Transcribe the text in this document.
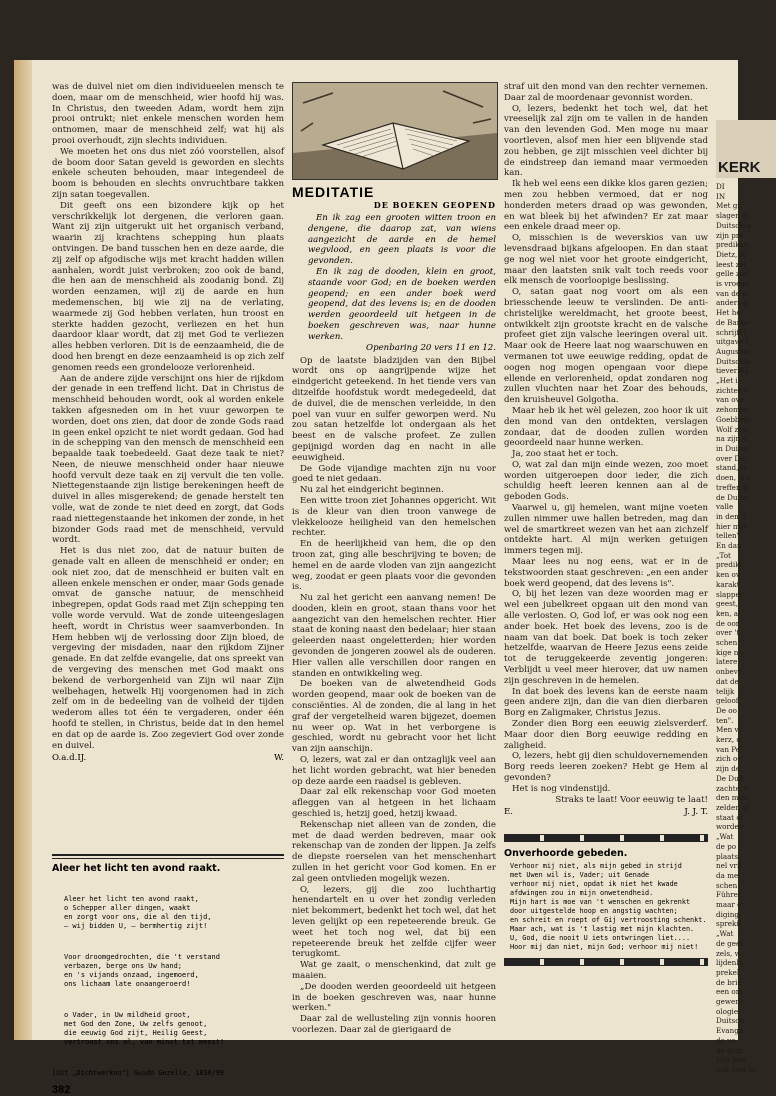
was de duivel niet om dien individueelen mensch te doen, maar om de menschheid, wier hoofd hij was. In Christus, den tweeden Adam, wordt hem zijn prooi ontrukt; niet enkele menschen worden hem ontnomen, maar de menschheid zelf; wat hij als prooi overhoudt, zijn slechts individuen.

We moeten het ons dus niet zóó voorstellen, alsof de boom door Satan geveld is geworden en slechts enkele scheuten behouden, maar integendeel de boom is behouden en slechts onvruchtbare takken zijn satan toegevallen.

Dit geeft ons een bizondere kijk op het verschrikkelijk lot dergenen, die verloren gaan. Want zij zijn uitgerukt uit het organisch verband, waarin zij krachtens schepping hun plaats ontvingen. De band tusschen hen en deze aarde, die zij zelf op afgodische wijs met kracht hadden willen aanhalen, wordt juist verbroken; zoo ook de band, die hen aan de menschheid als zoodanig bond. Zij worden eenzamen, wijl zij de aarde en hun medemenschen, bij wie zij na de verlating, waarmede zij God hebben verlaten, hun troost en sterkte hadden gezocht, verliezen en het hun daardoor klaar wordt, dat zij met God te verliezen alles hebben verloren. Dit is de eenzaamheid, die de dood hen brengt en deze eenzaamheid is op zich zelf genomen reeds een grondelooze verlorenheid.

Aan de andere zijde verschijnt ons hier de rijkdom der genade in een treffend licht. Dat in Christus de menschheid behouden wordt, ook al worden enkele takken afgesneden om in het vuur geworpen te worden, doet ons zien, dat door de zonde Gods raad in geen enkel opzicht te niet wordt gedaan. God had in de schepping van den mensch de menschheid een bepaalde taak toebedeeld. Gaat deze taak te niet? Neen, de nieuwe menschheid onder haar nieuwe hoofd vervult deze taak en zij vervult die ten volle. Niettegenstaande zijn listige berekeningen heeft de duivel in alles misgerekend; de genade herstelt ten volle, wat de zonde te niet deed en zorgt, dat Gods raad niettegenstaande het inkomen der zonde, in het bizonder Gods raad met de menschheid, vervuld wordt.

Het is dus niet zoo, dat de natuur buiten de genade valt en alleen de menschheid er onder; en ook niet zoo, dat de menschheid er buiten valt en alleen enkele menschen er onder, maar Gods genade omvat de gansche natuur, de menschheid inbegrepen, opdat Gods raad met Zijn schepping ten volle worde vervuld. Wat de zonde uiteengeslagen heeft, wordt in Christus weer saamverbonden. In Hem hebben wij de verlossing door Zijn bloed, de vergeving der misdaden, naar den rijkdom Zijner genade. En dat zelfde evangelie, dat ons spreekt van de vergeving des menschen met God maakt ons bekend de verborgenheid van Zijn wil naar Zijn welbehagen, hetwelk Hij voorgenomen had in zich zelf om in de bedeeling van de volheid der tijden wederom alles tot één te vergaderen, onder één hoofd te stellen, in Christus, beide dat in den hemel en dat op de aarde is. Zoo zegeviert God over zonde en duivel.

O.a.d.IJ.	W.
Aleer het licht ten avond raakt.

Aleer het licht ten avond raakt,
o Schepper aller dingen, waakt
en zorgt voor ons, die al den tijd,
— wij bidden U, — bermhertig zijt!

Voor droomgedrochten, die 't verstand
verbazen, berge ons Uw hand;
en 's vijands onzaad, ingemoerd,
ons lichaam late onaangeroerd!

o Vader, in Uw mildheid groot,
met God den Zone, Uw zelfs genoot,
die eeuwig God zijt, Heilig Geest,
vertroost ons al, van minst tot meest!

[Uit „Dichtwerken"] Guido Gezelle, 1830/99
382
MEDITATIE
DE BOEKEN GEOPEND

En ik zag een grooten witten troon en dengene, die daarop zat, van wiens aangezicht de aarde en de hemel wegvlood, en geen plaats is voor die gevonden.

En ik zag de dooden, klein en groot, staande voor God; en de boeken werden geopend; en een ander boek werd geopend, dat des levens is; en de dooden werden geoordeeld uit hetgeen in de boeken geschreven was, naar hunne werken.

Openbaring 20 vers 11 en 12.

Op de laatste bladzijden van den Bijbel wordt ons op aangrijpende wijze het eindgericht geteekend. In het tiende vers van ditzelfde hoofdstuk wordt medegedeeld, dat de duivel, die de menschen verleidde, in den poel van vuur en sulfer geworpen werd. Nu zou satan hetzelfde lot ondergaan als het beest en de valsche profeet. Ze zullen gepijnigd worden dag en nacht in alle eeuwigheid.

De Gode vijandige machten zijn nu voor goed te niet gedaan.

Nu zal het eindgericht beginnen.

Een witte troon ziet Johannes opgericht. Wit is de kleur van dien troon vanwege de vlekkelooze heiligheid van den hemelschen rechter.

En de heerlijkheid van hem, die op den troon zat, ging alle beschrijving te boven; de hemel en de aarde vloden van zijn aangezicht weg, zoodat er geen plaats voor die gevonden is.

Nu zal het gericht een aanvang nemen! De dooden, klein en groot, staan thans voor het aangezicht van den hemelschen rechter. Hier staat de koning naast den bedelaar; hier staan geleerden naast ongeletterden; hier worden gevonden de jongeren zoowel als de ouderen. Hier vallen alle verschillen door rangen en standen en ontwikkeling weg.

De boeken van de alwetendheid Gods worden geopend, maar ook de boeken van de consciënties. Al de zonden, die al lang in het graf der vergetelheid waren bijgezet, doemen nu weer op. Wat in het verborgene is geschied, wordt nu gebracht voor het licht van zijn aanschijn.

O, lezers, wat zal er dan ontzaglijk veel aan het licht worden gebracht, wat hier beneden op deze aarde een raadsel is gebleven.

Daar zal elk rekenschap voor God moeten afleggen van al hetgeen in het lichaam geschied is, hetzij goed, hetzij kwaad.

Rekenschap niet alleen van de zonden, die met de daad werden bedreven, maar ook rekenschap van de zonden der lippen. Ja zelfs de diepste roerselen van het menschenhart zullen in het gericht voor God komen. En er zal geen ontvlieden mogelijk wezen.

O, lezers, gij die zoo luchthartig henendartelt en u over het zondig verleden niet bekommert, bedenkt het toch wel, dat het leven gelijkt op een repeteerende breuk. Ge weet het toch nog wel, dat bij een repeteerende breuk het zelfde cijfer weer terugkomt.

Wat ge zaait, o menschenkind, dat zult ge maaien.

„De dooden werden geoordeeld uit hetgeen in de boeken geschreven was, naar hunne werken."

Daar zal de wellusteling zijn vonnis hooren voorlezen. Daar zal de gierigaard de

straf uit den mond van den rechter vernemen. Daar zal de moordenaar gevonnist worden.

O, lezers, bedenkt het toch wel, dat het vreeselijk zal zijn om te vallen in de handen van den levenden God. Men moge nu maar voortleven, alsof men hier een blijvende stad zou hebben, ge zijt misschien veel dichter bij de eindstreep dan iemand maar vermoeden kan.

Ik heb wel eens een dikke klos garen gezien; men zou hebben vermoed, dat er nog honderden meters draad op was gewonden, en wat bleek bij het afwinden? Er zat maar een enkele draad meer op.

O, misschien is de weverskios van uw levensdraad bijkans afgeloopen. En dan staat ge nog wel niet voor het groote eindgericht, maar den laatsten snik valt toch reeds voor elk mensch de voorloopige beslissing.

O, satan gaat nog voort om als een briesschende leeuw te verslinden. De anti-christelijke wereldmacht, het groote beest, ontwikkelt zijn grootste kracht en de valsche profeet giet zijn valsche leeringen overal uit. Maar ook de Heere laat nog waarschuwen en vermanen tot uwe eeuwige redding, opdat de oogen nog mogen opengaan voor diepe ellende en verlorenheid, opdat zondaren nog zullen vluchten naar het Zoar des behouds, den kruisheuvel Golgotha.

Maar heb ik het wèl gelezen, zoo hoor ik uit den mond van den ontdekten, verslagen zondaar, dat de dooden zullen worden geoordeeld naar hunne werken.

Ja, zoo staat het er toch.

O, wat zal dan mijn einde wezen, zoo moet worden uitgeroepen door ieder, die zich schuldig heeft leeren kennen aan al de geboden Gods.

Vaarwel u, gij hemelen, want mijne voeten zullen nimmer uwe hallen betreden, mag dan wel de smartkreet wezen van het aan zichzelf ontdekte hart. Al mijn werken getuigen immers tegen mij.

Maar lees nu nog eens, wat er in de tekstwoorden staat geschreven: „en een ander boek werd geopend, dat des levens is".

O, bij het lezen van deze woorden mag er wel een jubelkreet opgaan uit den mond van alle verlosten. O, God lof, er was ook nog een ander boek. Het boek des levens, zoo is de naam van dat boek. Dat boek is toch zeker hetzelfde, waarvan de Heere Jezus eens zeide tot de teruggekeerde zeventig jongeren: Verblijdt u veel meer hierover, dat uw namen zijn geschreven in de hemelen.

In dat boek des levens kan de eerste naam geen andere zijn, dan die van dien dierbaren Borg en Zaligmaker, Christus Jezus.

Zonder dien Borg een eeuwig zielsverderf. Maar door dien Borg eeuwige redding en zaligheid.

O, lezers, hebt gij dien schuldovernemenden Borg reeds leeren zoeken? Hebt ge Hem al gevonden?

Het is nog vindenstijd.

Straks te laat! Voor eeuwig te laat!

E.	J. J. T.
Onverhoorde gebeden.

Verhoor mij niet, als mijn gebed in strijd

met Uwen wil is, Vader; uit Genade

verhoor mij niet, opdat ik niet het kwade

afdwingen zou in mijn onwetendheid.

Mijn hart is moe van 't wenschen en gekrenkt

door uitgestelde hoop en angstig wachten;

en schreit en roept of Gij vertroosting schenkt.

Maar ach, wat is 't lastig met mijn klachten.

U, God, die nooit U iets ontwringen liet....

Hoor mij dan niet, mijn God; verhoor mij niet!

KERK

DI

IN

Met gr

slagen oj

Duitschla

zijn pre

predikan

Dietz, Ki

leest zal

gelle zóó

is vroege

van de p

anders g

Het he

de Barke

schrijft i

uitgave I

Augustus

Duitschla

tieverblij

„Het i

zichten v

van ove

zehomer

Goebbels

Wolf zóó

na zijn v

in Duitsc

over Dui

stand, te

doen, is t

treffen h

de Duitsc

valle

in den b

hier met

tellen".

En dan

„Tot

predikt

ken ov

karakt

slapper

geest,

ken, al

de oor

over 't

schen

kige n

latere

onbevr

dat de

telijk

geloof

De oo

ten".

Men v

kerz, d

van Pe

zich oc

zijn de

De Duit

zachte, v

den mon

zelden of

staat of

worden.

„Wat

de po

plaats

nel vrij

da me

schen

Führer

maar e

diging,

sprekil

„Wat

de geel

zels, w

lijdenlu

prekel

de brie

een om

gewent

ologie

Duitsch

Evange

de vo

de gom

Een hee

ook veel m
